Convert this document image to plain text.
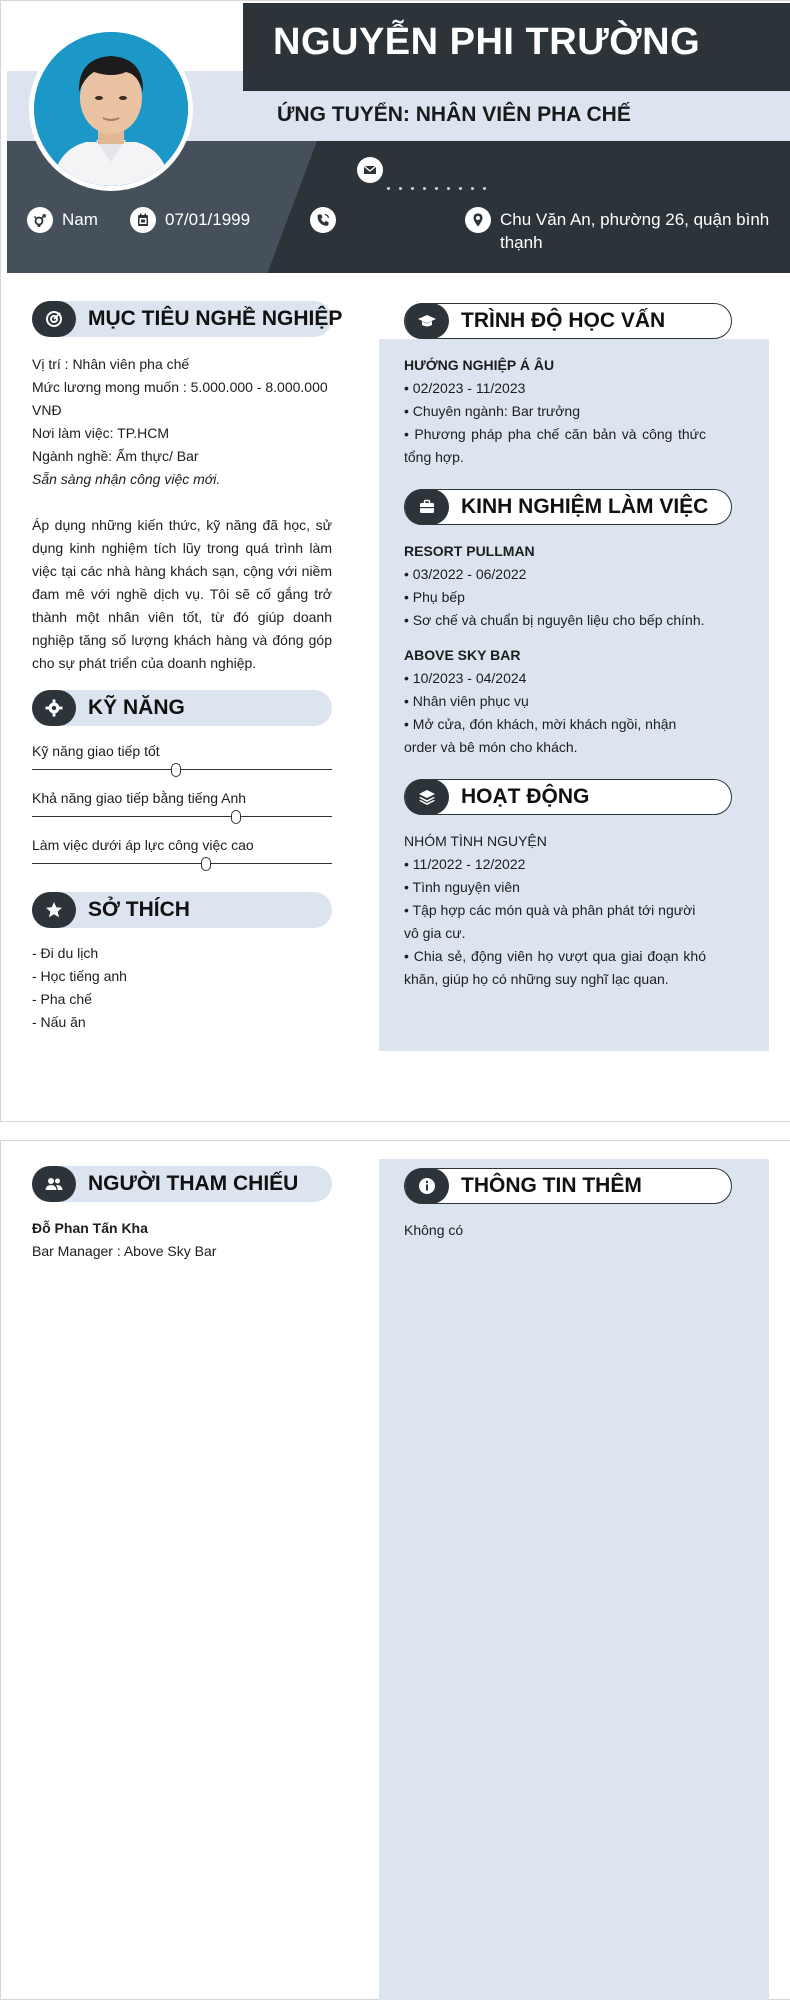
NGUYỄN PHI TRƯỜNG
ỨNG TUYỂN: NHÂN VIÊN PHA CHẾ
Nam	07/01/1999	Chu Văn An, phường 26, quận bình thạnh
MỤC TIÊU NGHỀ NGHIỆP
Vị trí : Nhân viên pha chế
Mức lương mong muốn : 5.000.000 - 8.000.000 VNĐ
Nơi làm việc: TP.HCM
Ngành nghề: Ẩm thực/ Bar
Sẵn sàng nhận công việc mới.
Áp dụng những kiến thức, kỹ năng đã học, sử dụng kinh nghiệm tích lũy trong quá trình làm việc tại các nhà hàng khách sạn, cộng với niềm đam mê với nghề dịch vụ. Tôi sẽ cố gắng trở thành một nhân viên tốt, từ đó giúp doanh nghiệp tăng số lượng khách hàng và đóng góp cho sự phát triển của doanh nghiệp.
KỸ NĂNG
Kỹ năng giao tiếp tốt
Khả năng giao tiếp bằng tiếng Anh
Làm việc dưới áp lực công việc cao
SỞ THÍCH
- Đi du lịch
- Học tiếng anh
- Pha chế
- Nấu ăn
TRÌNH ĐỘ HỌC VẤN
HƯỚNG NGHIỆP Á ÂU
• 02/2023 - 11/2023
• Chuyên ngành: Bar trưởng
• Phương pháp pha chế căn bản và công thức tổng hợp.
KINH NGHIỆM LÀM VIỆC
RESORT PULLMAN
• 03/2022 - 06/2022
• Phụ bếp
• Sơ chế và chuẩn bị nguyên liệu cho bếp chính.
ABOVE SKY BAR
• 10/2023 - 04/2024
• Nhân viên phục vụ
• Mở cửa, đón khách, mời khách ngồi, nhận order và bê món cho khách.
HOẠT ĐỘNG
NHÓM TÌNH NGUYỆN
• 11/2022 - 12/2022
• Tình nguyện viên
• Tập hợp các món quà và phân phát tới người vô gia cư.
• Chia sẻ, động viên họ vượt qua giai đoạn khó khăn, giúp họ có những suy nghĩ lạc quan.
NGƯỜI THAM CHIẾU
Đỗ Phan Tấn Kha
Bar Manager : Above Sky Bar
THÔNG TIN THÊM
Không có
